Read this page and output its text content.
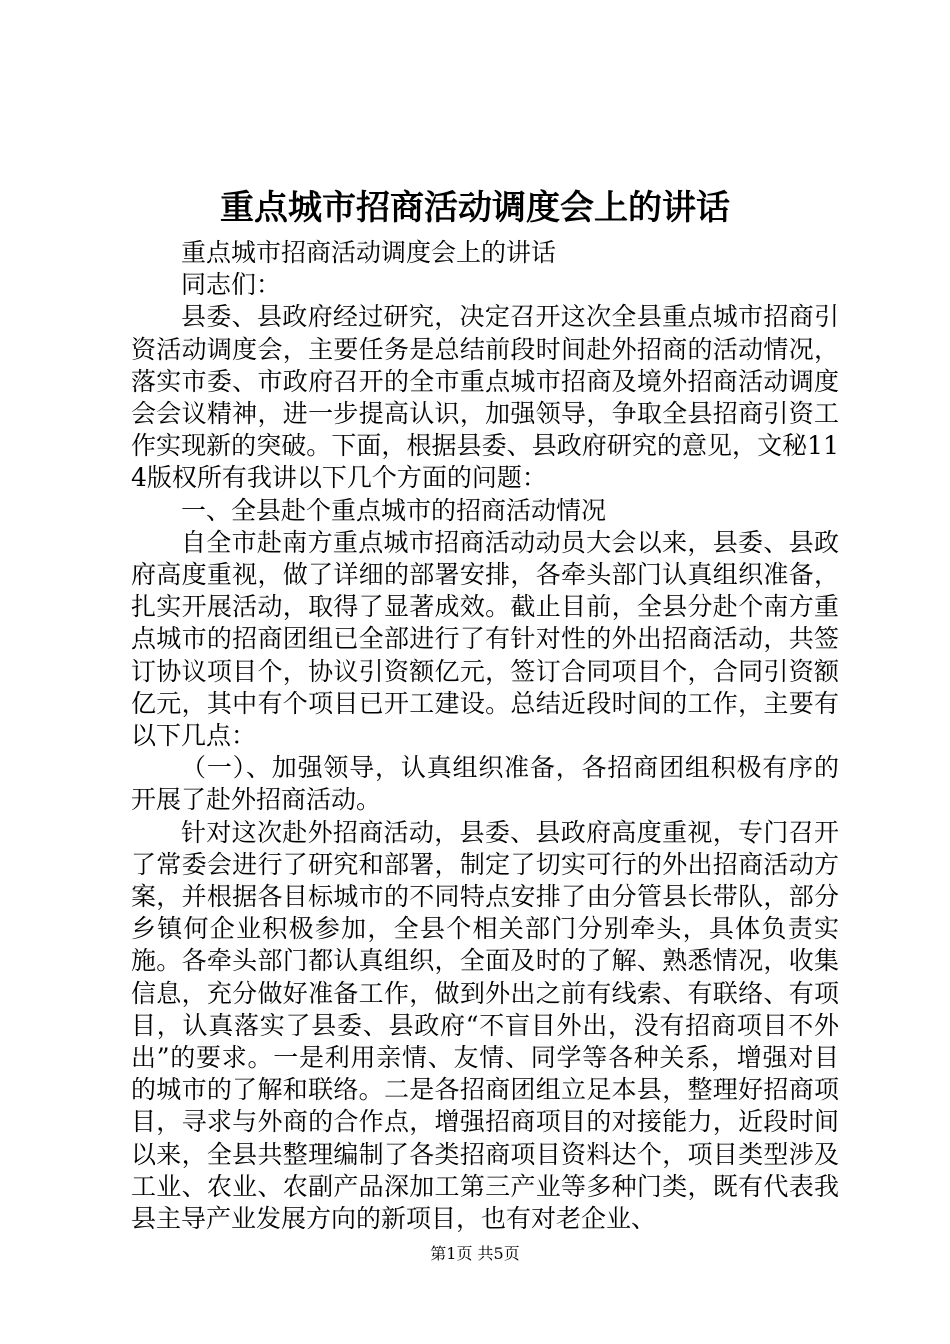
重点城市招商活动调度会上的讲话

重点城市招商活动调度会上的讲话

同志们：

县委、县政府经过研究，决定召开这次全县重点城市招商引资活动调度会，主要任务是总结前段时间赴外招商的活动情况，落实市委、市政府召开的全市重点城市招商及境外招商活动调度会会议精神，进一步提高认识，加强领导，争取全县招商引资工作实现新的突破。下面，根据县委、县政府研究的意见，文秘114版权所有我讲以下几个方面的问题：

一、全县赴个重点城市的招商活动情况

自全市赴南方重点城市招商活动动员大会以来，县委、县政府高度重视，做了详细的部署安排，各牵头部门认真组织准备，扎实开展活动，取得了显著成效。截止目前，全县分赴个南方重点城市的招商团组已全部进行了有针对性的外出招商活动，共签订协议项目个，协议引资额亿元，签订合同项目个，合同引资额亿元，其中有个项目已开工建设。总结近段时间的工作，主要有以下几点：

（一）、加强领导，认真组织准备，各招商团组积极有序的开展了赴外招商活动。

针对这次赴外招商活动，县委、县政府高度重视，专门召开了常委会进行了研究和部署，制定了切实可行的外出招商活动方案，并根据各目标城市的不同特点安排了由分管县长带队，部分乡镇何企业积极参加，全县个相关部门分别牵头，具体负责实施。各牵头部门都认真组织，全面及时的了解、熟悉情况，收集信息，充分做好准备工作，做到外出之前有线索、有联络、有项目，认真落实了县委、县政府“不盲目外出，没有招商项目不外出”的要求。一是利用亲情、友情、同学等各种关系，增强对目的城市的了解和联络。二是各招商团组立足本县，整理好招商项目，寻求与外商的合作点，增强招商项目的对接能力，近段时间以来，全县共整理编制了各类招商项目资料达个，项目类型涉及工业、农业、农副产品深加工第三产业等多种门类，既有代表我县主导产业发展方向的新项目，也有对老企业、

第1页 共5页
